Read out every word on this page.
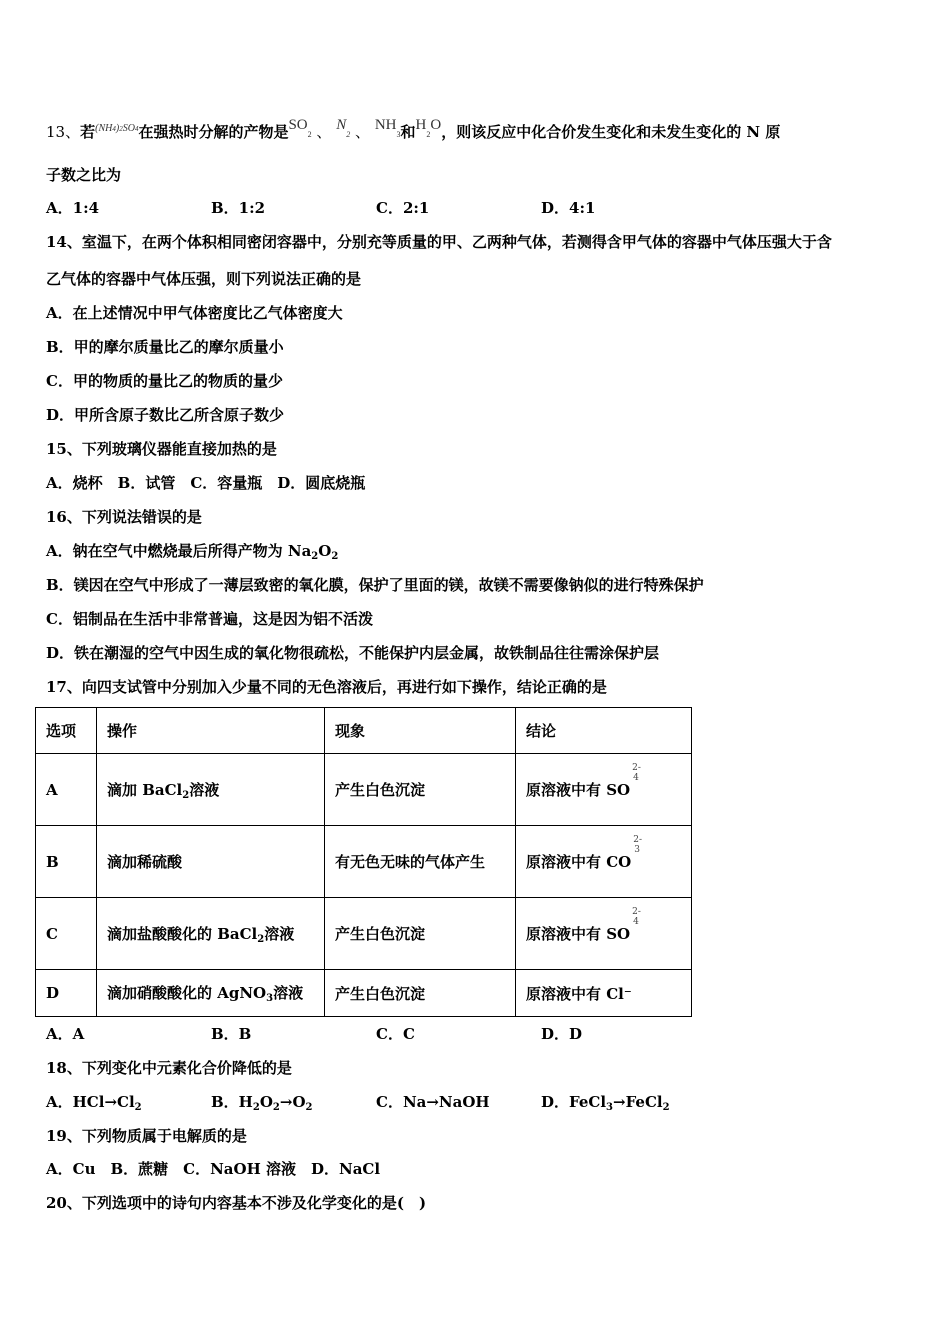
13、若$^{(NH4)2SO4}$在强热时分解的产物是SO2 、 N2 、 NH3和H2O，则该反应中化合价发生变化和未发生变化的 N 原
子数之比为
A．1:4	B．1:2	C．2:1	D．4:1
14、室温下，在两个体积相同密闭容器中，分别充等质量的甲、乙两种气体，若测得含甲气体的容器中气体压强大于含
乙气体的容器中气体压强，则下列说法正确的是
A．在上述情况中甲气体密度比乙气体密度大
B．甲的摩尔质量比乙的摩尔质量小
C．甲的物质的量比乙的物质的量少
D．甲所含原子数比乙所含原子数少
15、下列玻璃仪器能直接加热的是
A．烧杯　B．试管　C．容量瓶　D．圆底烧瓶
16、下列说法错误的是
A．钠在空气中燃烧最后所得产物为 $Na_2O_2$
B．镁因在空气中形成了一薄层致密的氧化膜，保护了里面的镁，故镁不需要像钠似的进行特殊保护
C．铝制品在生活中非常普遍，这是因为铝不活泼
D．铁在潮湿的空气中因生成的氧化物很疏松，不能保护内层金属，故铁制品往往需涂保护层
17、向四支试管中分别加入少量不同的无色溶液后，再进行如下操作，结论正确的是
选项	操作	现象	结论
A	滴加 BaCl$_2$溶液	产生白色沉淀	原溶液中有 SO
2-
4

B	滴加稀硫酸	有无色无味的气体产生	原溶液中有 CO
2-
3

C	滴加盐酸酸化的 BaCl$_2$溶液	产生白色沉淀	原溶液中有 SO
2-
4

D	滴加硝酸酸化的 AgNO$_3$溶液	产生白色沉淀	原溶液中有 Cl⁻
A．A	B．B	C．C	D．D
18、下列变化中元素化合价降低的是
A．$HCl\to Cl_2$	B．$H_2O_2\to O_2$	C．Na→NaOH	D．FeCl$_3$→FeCl$_2$
19、下列物质属于电解质的是
A．Cu　B．蔗糖　C．NaOH 溶液　D．NaCl
20、下列选项中的诗句内容基本不涉及化学变化的是(　)
